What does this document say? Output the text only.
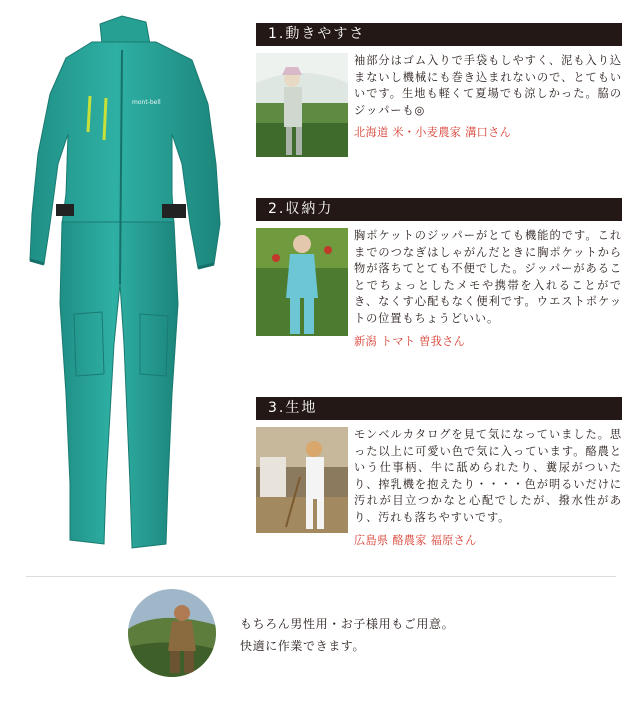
mont-bell
1.動きやすさ
袖部分はゴム入りで手袋もしやすく、泥も入り込まないし機械にも巻き込まれないので、とてもいいです。生地も軽くて夏場でも涼しかった。脇のジッパーも◎
北海道 米・小麦農家 溝口さん
2.収納力
胸ポケットのジッパーがとても機能的です。これまでのつなぎはしゃがんだときに胸ポケットから物が落ちてとても不便でした。ジッパーがあることでちょっとしたメモや携帯を入れることができ、なくす心配もなく便利です。ウエストポケットの位置もちょうどいい。
新潟 トマト 曽我さん
3.生地
モンベルカタログを見て気になっていました。思った以上に可愛い色で気に入っています。酪農という仕事柄、牛に舐められたり、糞尿がついたり、搾乳機を抱えたり・・・・色が明るいだけに汚れが目立つかなと心配でしたが、撥水性があり、汚れも落ちやすいです。
広島県 酪農家 福原さん
もちろん男性用・お子様用もご用意。
快適に作業できます。
